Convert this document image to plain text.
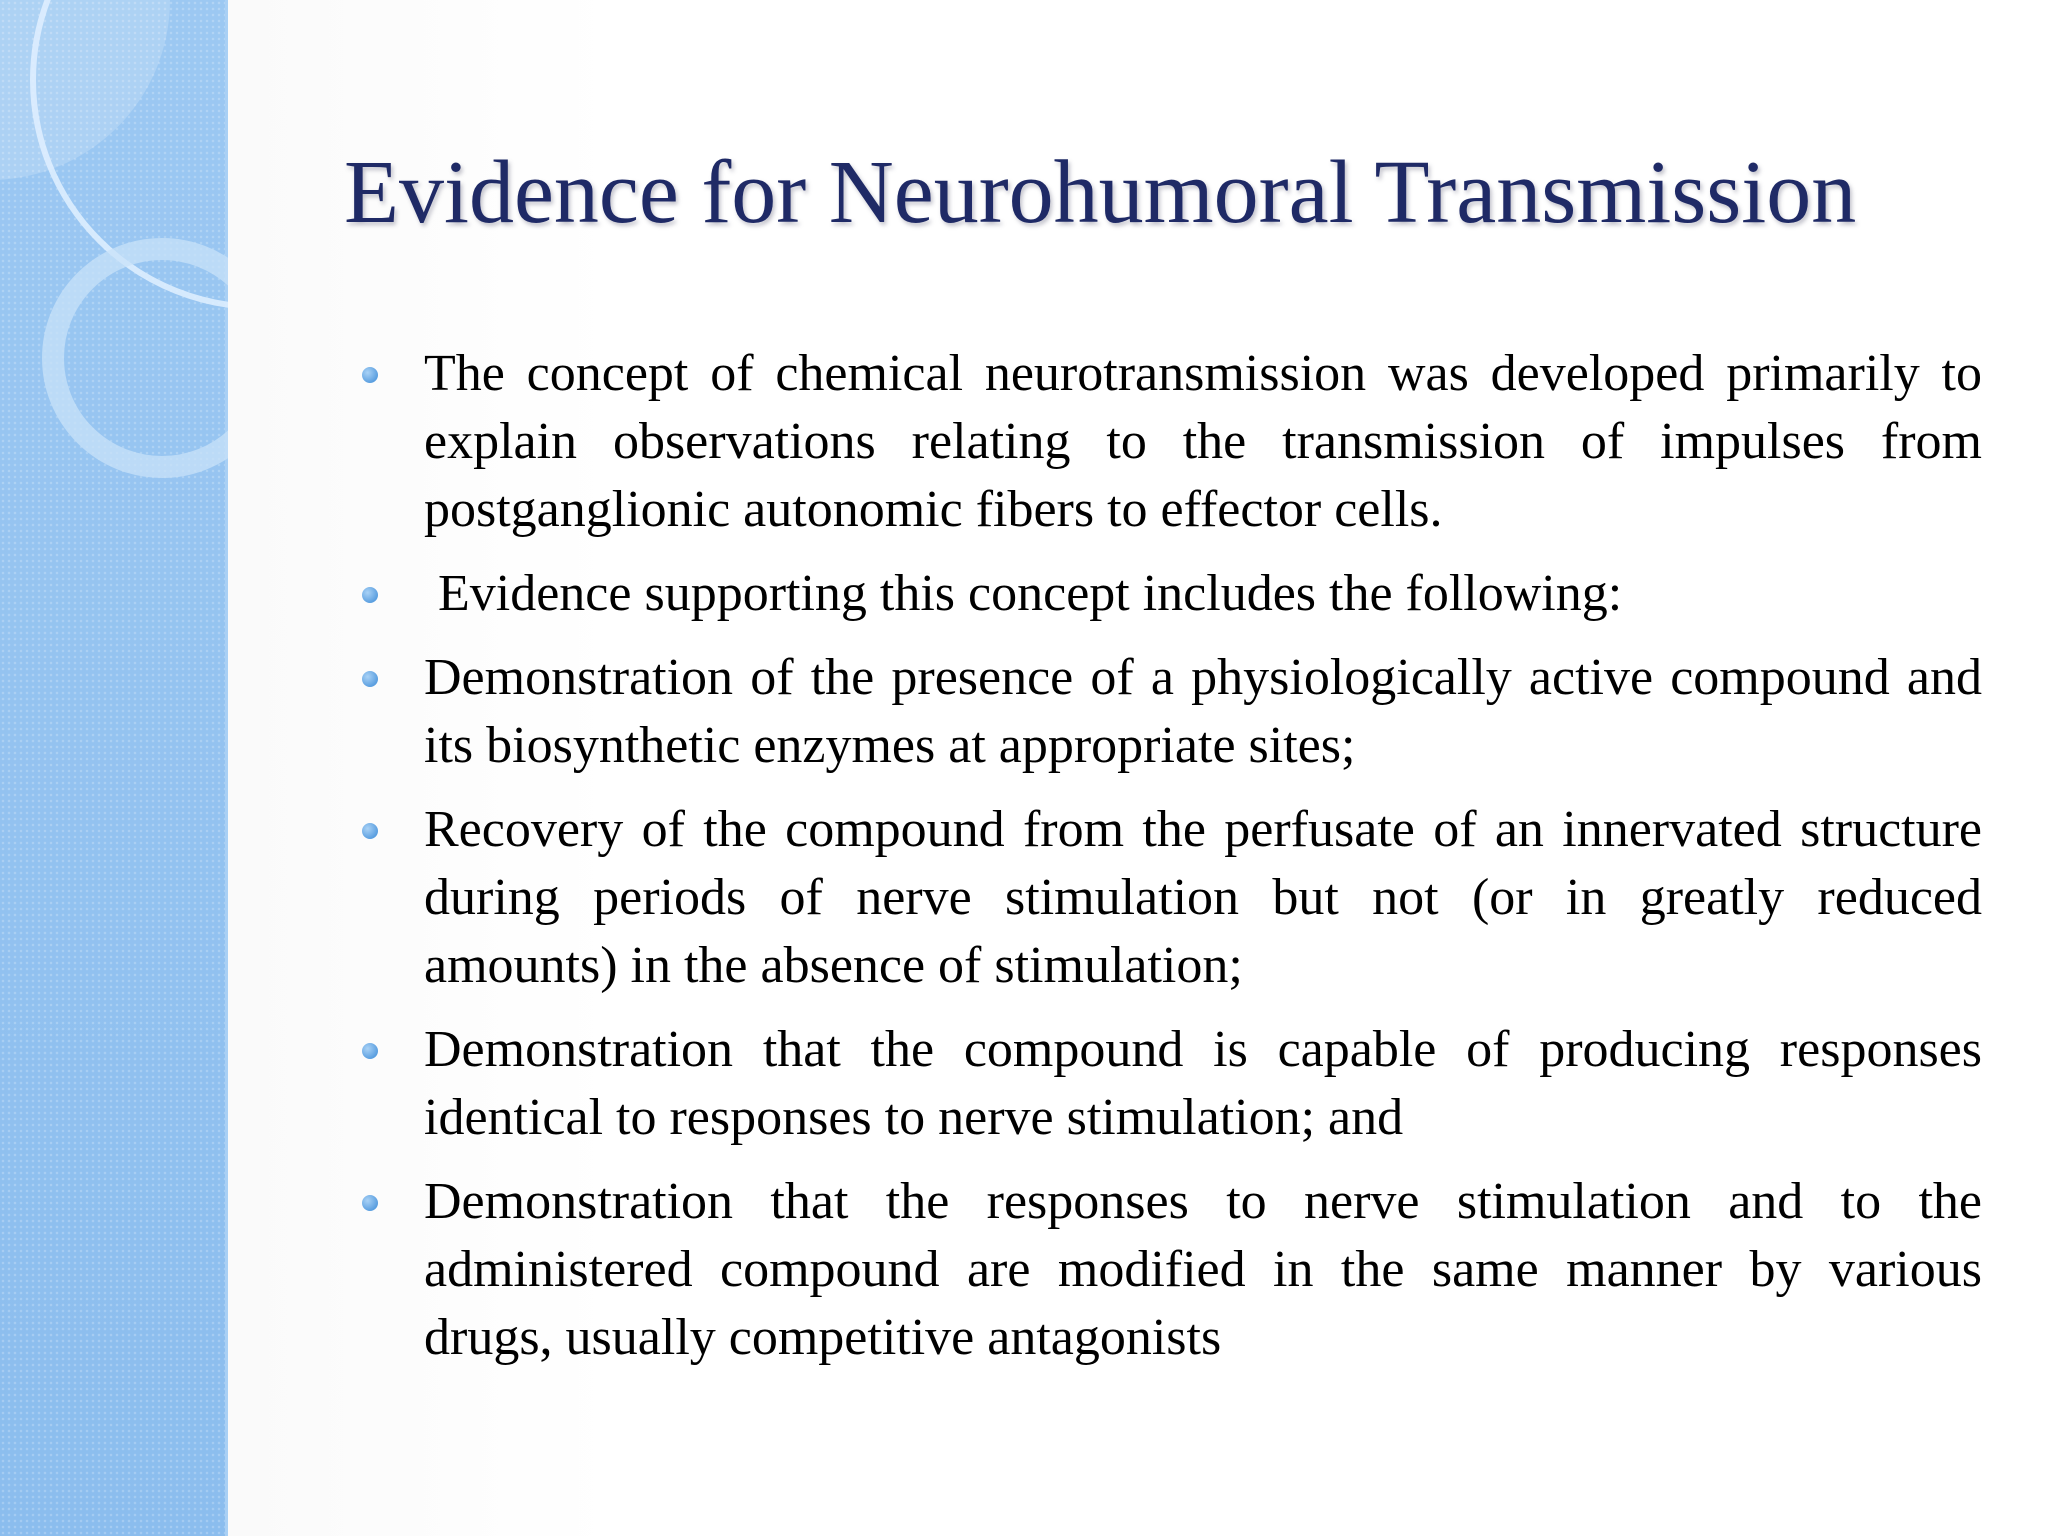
Evidence for Neurohumoral Transmission
The concept of chemical neurotransmission was developed primarily to explain observations relating to the transmission of impulses from postganglionic autonomic fibers to effector cells.
Evidence supporting this concept includes the following:
Demonstration of the presence of a physiologically active compound and its biosynthetic enzymes at appropriate sites;
Recovery of the compound from the perfusate of an innervated structure during periods of nerve stimulation but not (or in greatly reduced amounts) in the absence of stimulation;
Demonstration that the compound is capable of producing responses identical to responses to nerve stimulation; and
Demonstration that the responses to nerve stimulation and to the administered compound are modified in the same manner by various drugs, usually competitive antagonists
